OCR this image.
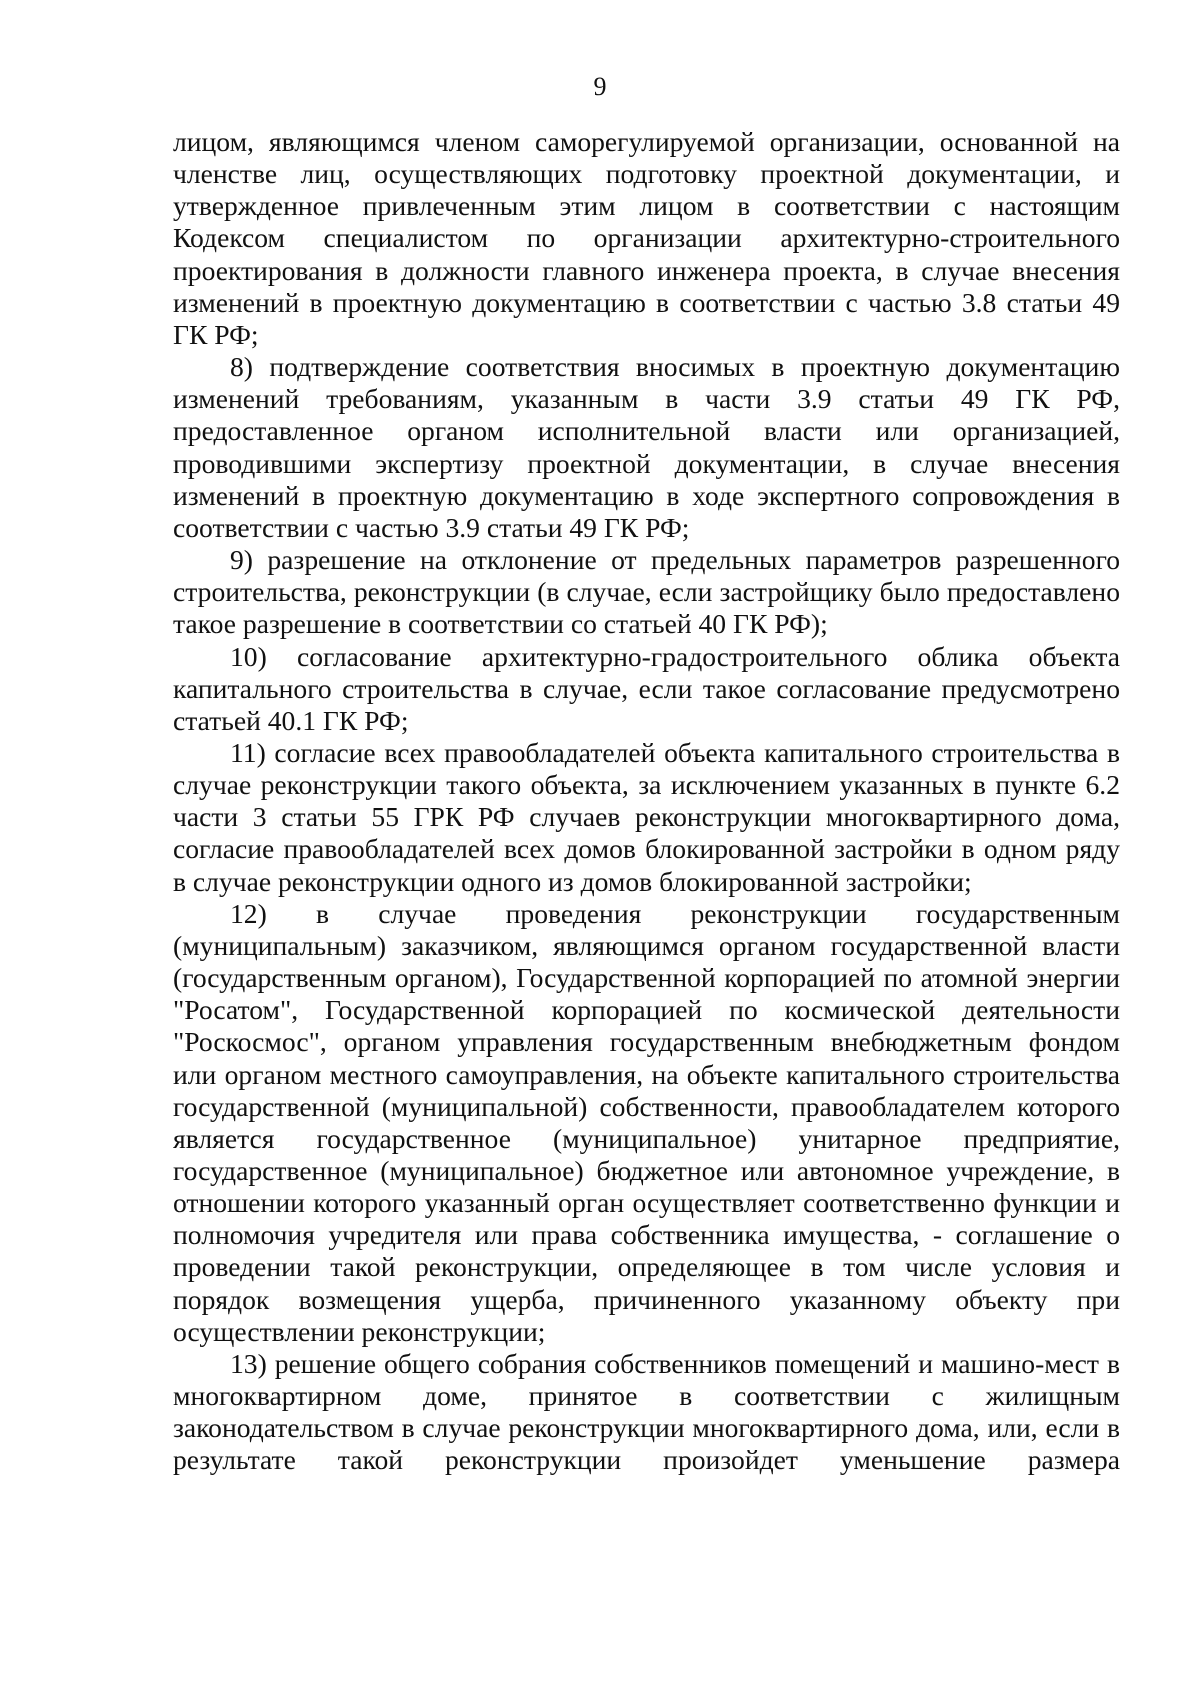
9

лицом, являющимся членом саморегулируемой организации, основанной на членстве лиц, осуществляющих подготовку проектной документации, и утвержденное привлеченным этим лицом в соответствии с настоящим Кодексом специалистом по организации архитектурно-строительного проектирования в должности главного инженера проекта, в случае внесения изменений в проектную документацию в соответствии с частью 3.8 статьи 49 ГК РФ;

8) подтверждение соответствия вносимых в проектную документацию изменений требованиям, указанным в части 3.9 статьи 49 ГК РФ, предоставленное органом исполнительной власти или организацией, проводившими экспертизу проектной документации, в случае внесения изменений в проектную документацию в ходе экспертного сопровождения в соответствии с частью 3.9 статьи 49 ГК РФ;

9) разрешение на отклонение от предельных параметров разрешенного строительства, реконструкции (в случае, если застройщику было предоставлено такое разрешение в соответствии со статьей 40 ГК РФ);

10) согласование архитектурно-градостроительного облика объекта капитального строительства в случае, если такое согласование предусмотрено статьей 40.1 ГК РФ;

11) согласие всех правообладателей объекта капитального строительства в случае реконструкции такого объекта, за исключением указанных в пункте 6.2 части 3 статьи 55 ГРК РФ случаев реконструкции многоквартирного дома, согласие правообладателей всех домов блокированной застройки в одном ряду в случае реконструкции одного из домов блокированной застройки;

12) в случае проведения реконструкции государственным (муниципальным) заказчиком, являющимся органом государственной власти (государственным органом), Государственной корпорацией по атомной энергии "Росатом", Государственной корпорацией по космической деятельности "Роскосмос", органом управления государственным внебюджетным фондом или органом местного самоуправления, на объекте капитального строительства государственной (муниципальной) собственности, правообладателем которого является государственное (муниципальное) унитарное предприятие, государственное (муниципальное) бюджетное или автономное учреждение, в отношении которого указанный орган осуществляет соответственно функции и полномочия учредителя или права собственника имущества, - соглашение о проведении такой реконструкции, определяющее в том числе условия и порядок возмещения ущерба, причиненного указанному объекту при осуществлении реконструкции;

13) решение общего собрания собственников помещений и машино-мест в многоквартирном доме, принятое в соответствии с жилищным законодательством в случае реконструкции многоквартирного дома, или, если в результате такой реконструкции произойдет уменьшение размера
